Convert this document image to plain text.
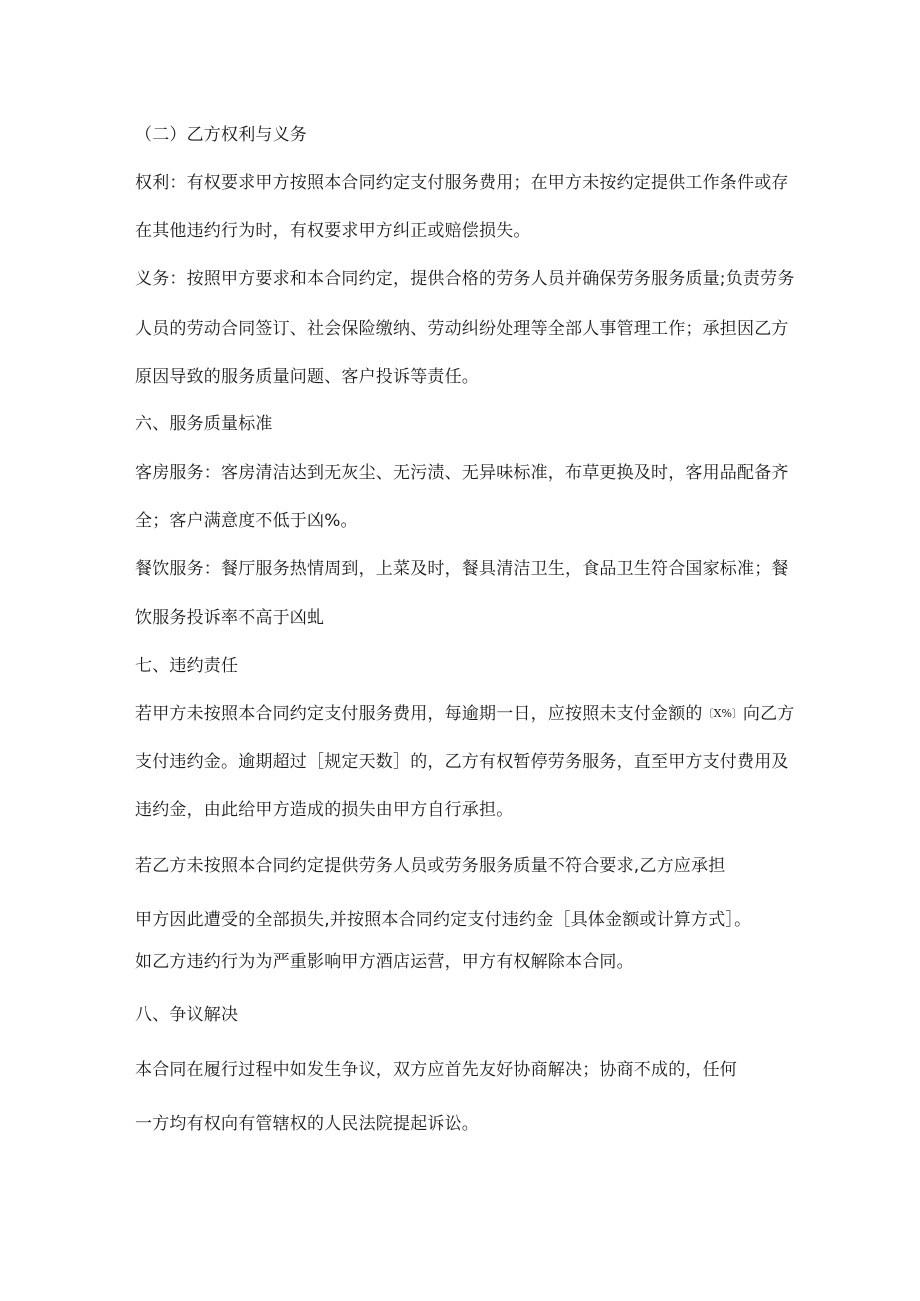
（二）乙方权利与义务
权利：有权要求甲方按照本合同约定支付服务费用；在甲方未按约定提供工作条件或存
在其他违约行为时，有权要求甲方纠正或赔偿损失。
义务：按照甲方要求和本合同约定，提供合格的劳务人员并确保劳务服务质量;负责劳务
人员的劳动合同签订、社会保险缴纳、劳动纠纷处理等全部人事管理工作；承担因乙方
原因导致的服务质量问题、客户投诉等责任。
六、服务质量标准
客房服务：客房清洁达到无灰尘、无污渍、无异味标准，布草更换及时，客用品配备齐
全；客户满意度不低于凶%。
餐饮服务：餐厅服务热情周到，上菜及时，餐具清洁卫生，食品卫生符合国家标准；餐
饮服务投诉率不高于凶虬
七、违约责任
若甲方未按照本合同约定支付服务费用，每逾期一日，应按照未支付金额的〔X%〕向乙方
支付违约金。逾期超过［规定天数］的，乙方有权暂停劳务服务，直至甲方支付费用及
违约金，由此给甲方造成的损失由甲方自行承担。
若乙方未按照本合同约定提供劳务人员或劳务服务质量不符合要求,乙方应承担
甲方因此遭受的全部损失,并按照本合同约定支付违约金［具体金额或计算方式］。
如乙方违约行为为严重影响甲方酒店运营，甲方有权解除本合同。
八、争议解决
本合同在履行过程中如发生争议，双方应首先友好协商解决；协商不成的，任何
一方均有权向有管辖权的人民法院提起诉讼。
